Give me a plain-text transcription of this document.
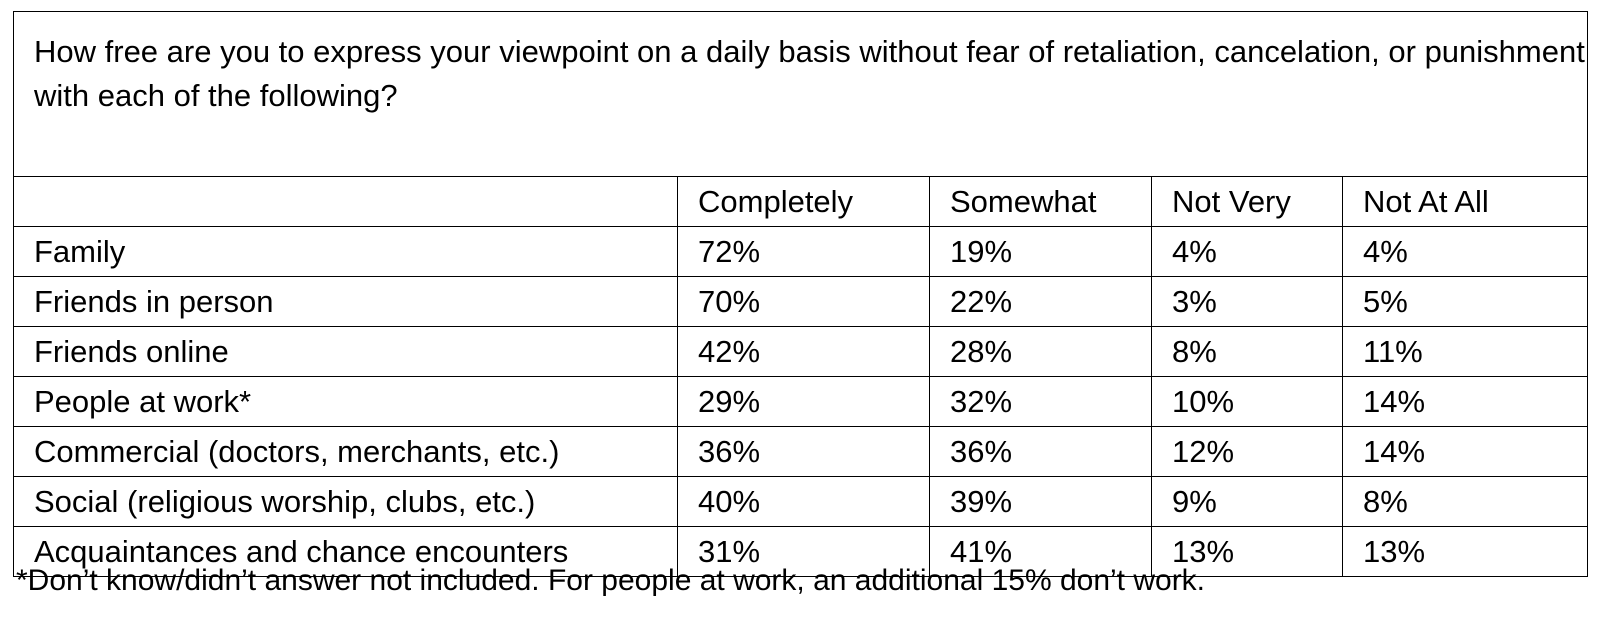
How free are you to express your viewpoint on a daily basis without fear of retaliation, cancelation, or punishment with each of the following?				
	Completely	Somewhat	Not Very	Not At All
Family	72%	19%	4%	4%
Friends in person	70%	22%	3%	5%
Friends online	42%	28%	8%	11%
People at work*	29%	32%	10%	14%
Commercial (doctors, merchants, etc.)	36%	36%	12%	14%
Social (religious worship, clubs, etc.)	40%	39%	9%	8%
Acquaintances and chance encounters	31%	41%	13%	13%
*Don’t know/didn’t answer not included. For people at work, an additional 15% don’t work.
